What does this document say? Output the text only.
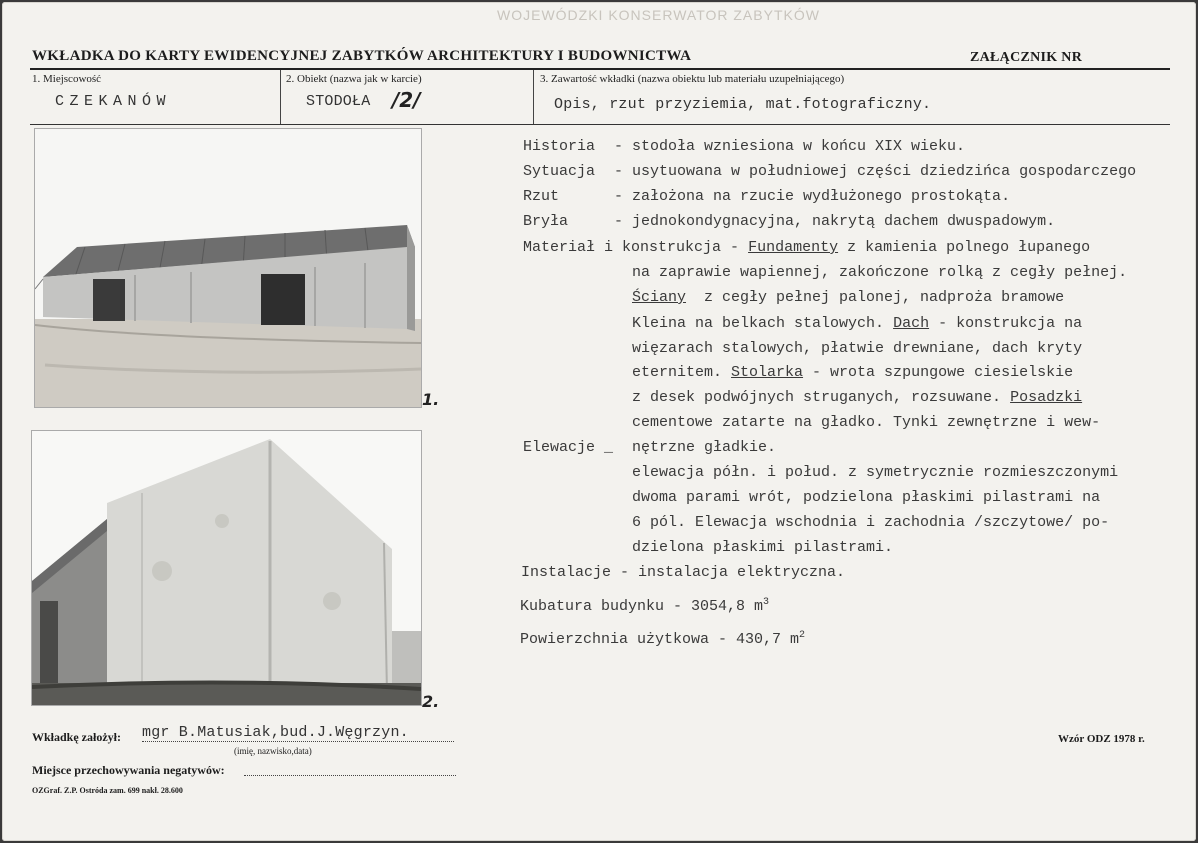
WOJEWÓDZKI KONSERWATOR ZABYTKÓW
WKŁADKA DO KARTY EWIDENCYJNEJ ZABYTKÓW ARCHITEKTURY I BUDOWNICTWA	ZAŁĄCZNIK NR
1. Miejscowość
CZEKANÓW
2. Obiekt (nazwa jak w karcie)
STODOŁA /2/
3. Zawartość wkładki (nazwa obiektu lub materiału uzupełniającego)
Opis, rzut przyziemia, mat.fotograficzny.
1.
2.
Historia - stodoła wzniesiona w końcu XIX wieku.
Sytuacja - usytuowana w południowej części dziedzińca gospodarczego
Rzut	- założona na rzucie wydłużonego prostokąta.
Bryła	- jednokondygnacyjna, nakrytą dachem dwuspadowym.
Materiał i konstrukcja - Fundamenty z kamienia polnego łupanego
na zaprawie wapiennej, zakończone rolką z cegły pełnej.
Ściany  z cegły pełnej palonej, nadproża bramowe
Kleina na belkach stalowych. Dach - konstrukcja na
więzarach stalowych, płatwie drewniane, dach kryty
eternitem. Stolarka - wrota szpungowe ciesielskie
z desek podwójnych struganych, rozsuwane. Posadzki
cementowe zatarte na gładko. Tynki zewnętrzne i wew-
Elewacje _ nętrzne gładkie.
elewacja półn. i połud. z symetrycznie rozmieszczonymi
dwoma parami wrót, podzielona płaskimi pilastrami na
6 pól. Elewacja wschodnia i zachodnia /szczytowe/ po-
dzielona płaskimi pilastrami.
Instalacje - instalacja elektryczna.
Kubatura budynku - 3054,8 $m^3$
Powierzchnia użytkowa - 430,7 $m^2$
Wkładkę założył: mgr B.Matusiak,bud.J.Węgrzyn.
(imię, nazwisko,data)
Miejsce przechowywania negatywów:
Wzór ODZ 1978 r.
OZGraf. Z.P. Ostróda zam. 699 nakł. 28.600
